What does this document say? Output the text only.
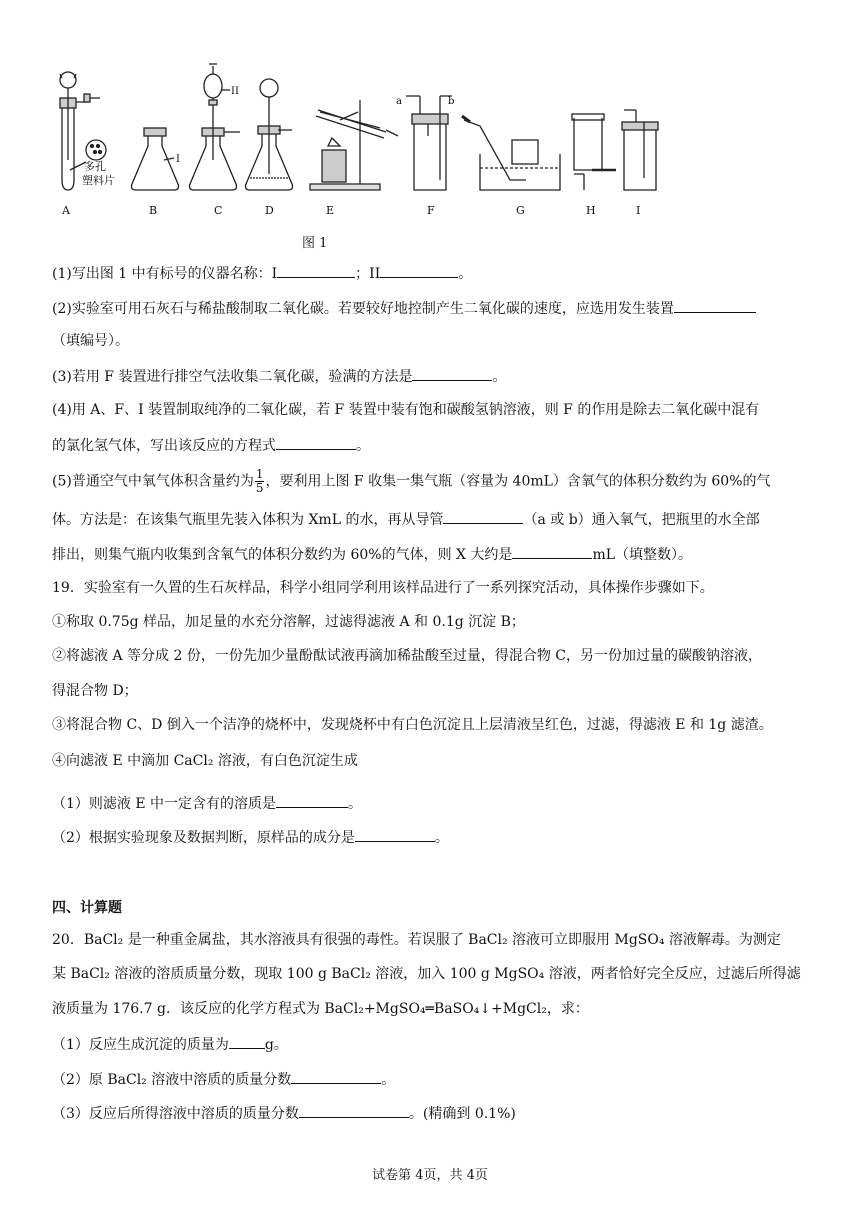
A	B	C	D	E	F	G	H	I
多孔
塑料片
I
II
a	b
图 1
(1)写出图 1 中有标号的仪器名称：I	；II	。
(2)实验室可用石灰石与稀盐酸制取二氧化碳。若要较好地控制产生二氧化碳的速度，应选用发生装置
（填编号）。
(3)若用 F 装置进行排空气法收集二氧化碳，验满的方法是	。
(4)用 A、F、I 装置制取纯净的二氧化碳，若 F 装置中装有饱和碳酸氢钠溶液，则 F 的作用是除去二氧化碳中混有
的氯化氢气体，写出该反应的方程式	。
(5)普通空气中氧气体积含量约为 $\frac{1}{5}$ ，要利用上图 F 收集一集气瓶（容量为 40mL）含氧气的体积分数约为 60%的气
体。方法是：在该集气瓶里先装入体积为 XmL 的水，再从导管	（a 或 b）通入氧气，把瓶里的水全部
排出，则集气瓶内收集到含氧气的体积分数约为 60%的气体，则 X 大约是	mL（填整数）。
19．实验室有一久置的生石灰样品，科学小组同学利用该样品进行了一系列探究活动，具体操作步骤如下。
①称取 0.75g 样品，加足量的水充分溶解，过滤得滤液 A 和 0.1g 沉淀 B；
②将滤液 A 等分成 2 份，一份先加少量酚酞试液再滴加稀盐酸至过量，得混合物 C，另一份加过量的碳酸钠溶液，
得混合物 D；
③将混合物 C、D 倒入一个洁净的烧杯中，发现烧杯中有白色沉淀且上层清液呈红色，过滤，得滤液 E 和 1g 滤渣。
④向滤液 E 中滴加 CaCl₂ 溶液，有白色沉淀生成
（1）则滤液 E 中一定含有的溶质是	。
（2）根据实验现象及数据判断，原样品的成分是	。
四、计算题
20．BaCl₂ 是一种重金属盐，其水溶液具有很强的毒性。若误服了 BaCl₂ 溶液可立即服用 MgSO₄ 溶液解毒。为测定
某 BaCl₂ 溶液的溶质质量分数，现取 100 g BaCl₂ 溶液，加入 100 g MgSO₄ 溶液，两者恰好完全反应，过滤后所得滤
液质量为 176.7 g．该反应的化学方程式为 BaCl₂+MgSO₄═BaSO₄↓+MgCl₂，求：
（1）反应生成沉淀的质量为	g。
（2）原 BaCl₂ 溶液中溶质的质量分数	。
（3）反应后所得溶液中溶质的质量分数	。(精确到 0.1%)
试卷第 4页，共 4页
